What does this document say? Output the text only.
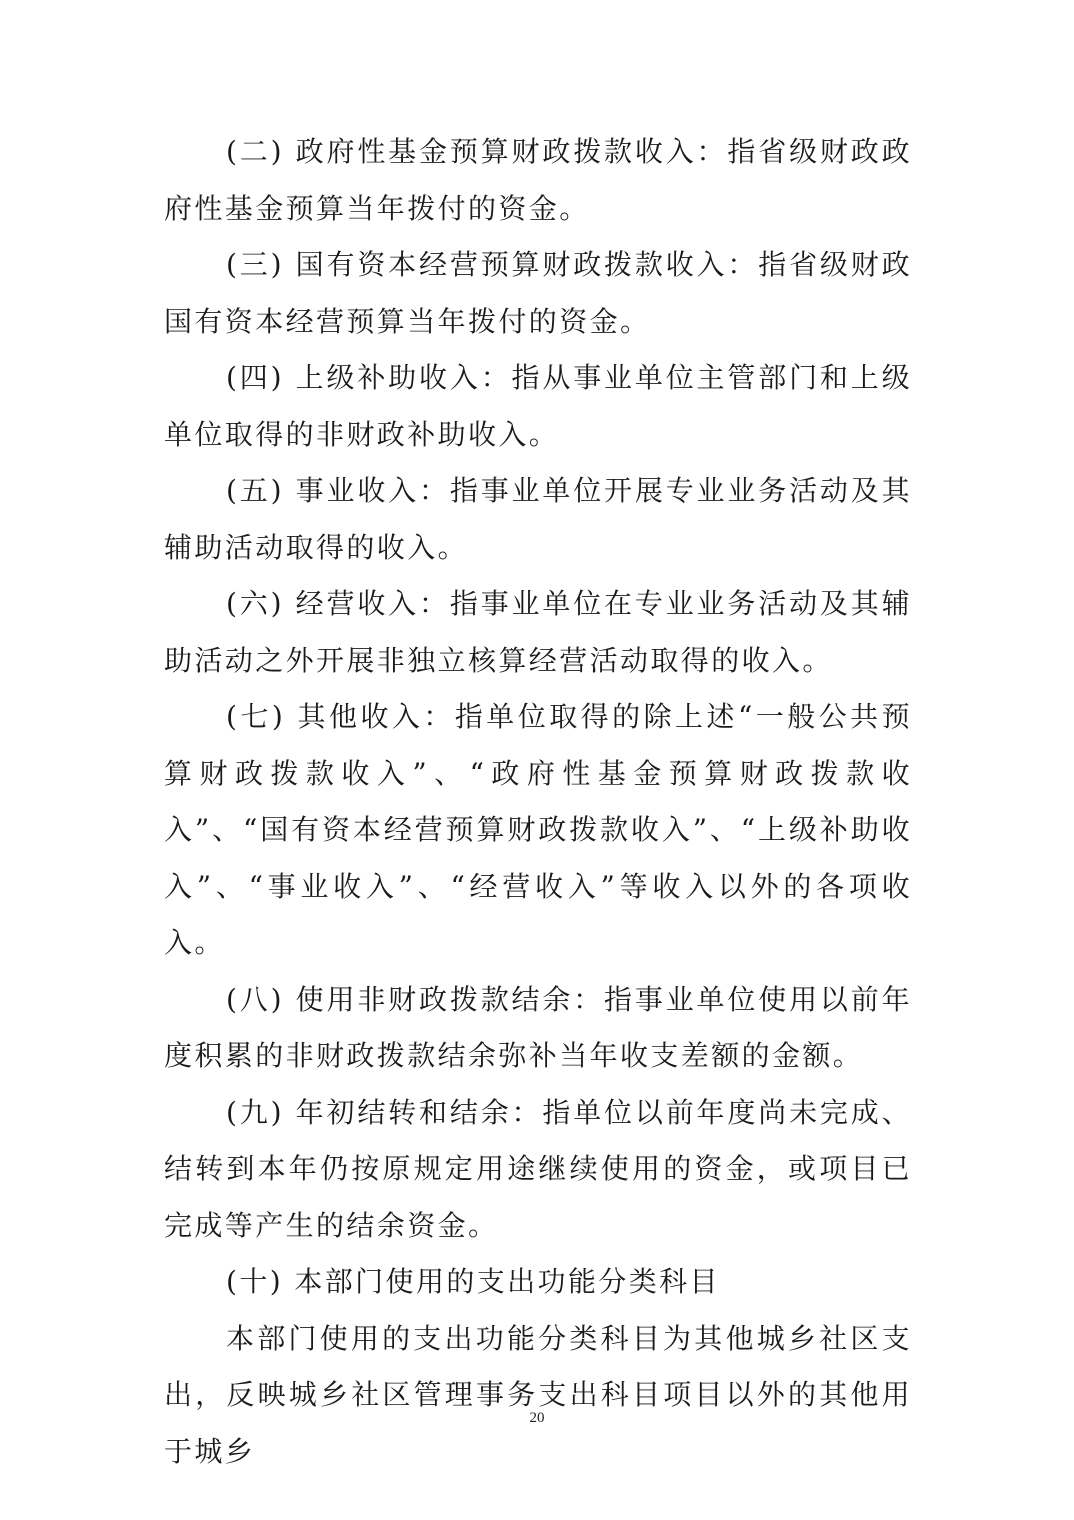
(二) 政府性基金预算财政拨款收入：指省级财政政府性基金预算当年拨付的资金。

(三) 国有资本经营预算财政拨款收入：指省级财政国有资本经营预算当年拨付的资金。

(四) 上级补助收入：指从事业单位主管部门和上级单位取得的非财政补助收入。

(五) 事业收入：指事业单位开展专业业务活动及其辅助活动取得的收入。

(六) 经营收入：指事业单位在专业业务活动及其辅助活动之外开展非独立核算经营活动取得的收入。

(七) 其他收入：指单位取得的除上述“一般公共预算财政拨款收入”、“政府性基金预算财政拨款收入”、“国有资本经营预算财政拨款收入”、“上级补助收入”、“事业收入”、“经营收入”等收入以外的各项收入。

(八) 使用非财政拨款结余：指事业单位使用以前年度积累的非财政拨款结余弥补当年收支差额的金额。

(九) 年初结转和结余：指单位以前年度尚未完成、结转到本年仍按原规定用途继续使用的资金，或项目已完成等产生的结余资金。

(十) 本部门使用的支出功能分类科目

本部门使用的支出功能分类科目为其他城乡社区支出，反映城乡社区管理事务支出科目项目以外的其他用于城乡

20
